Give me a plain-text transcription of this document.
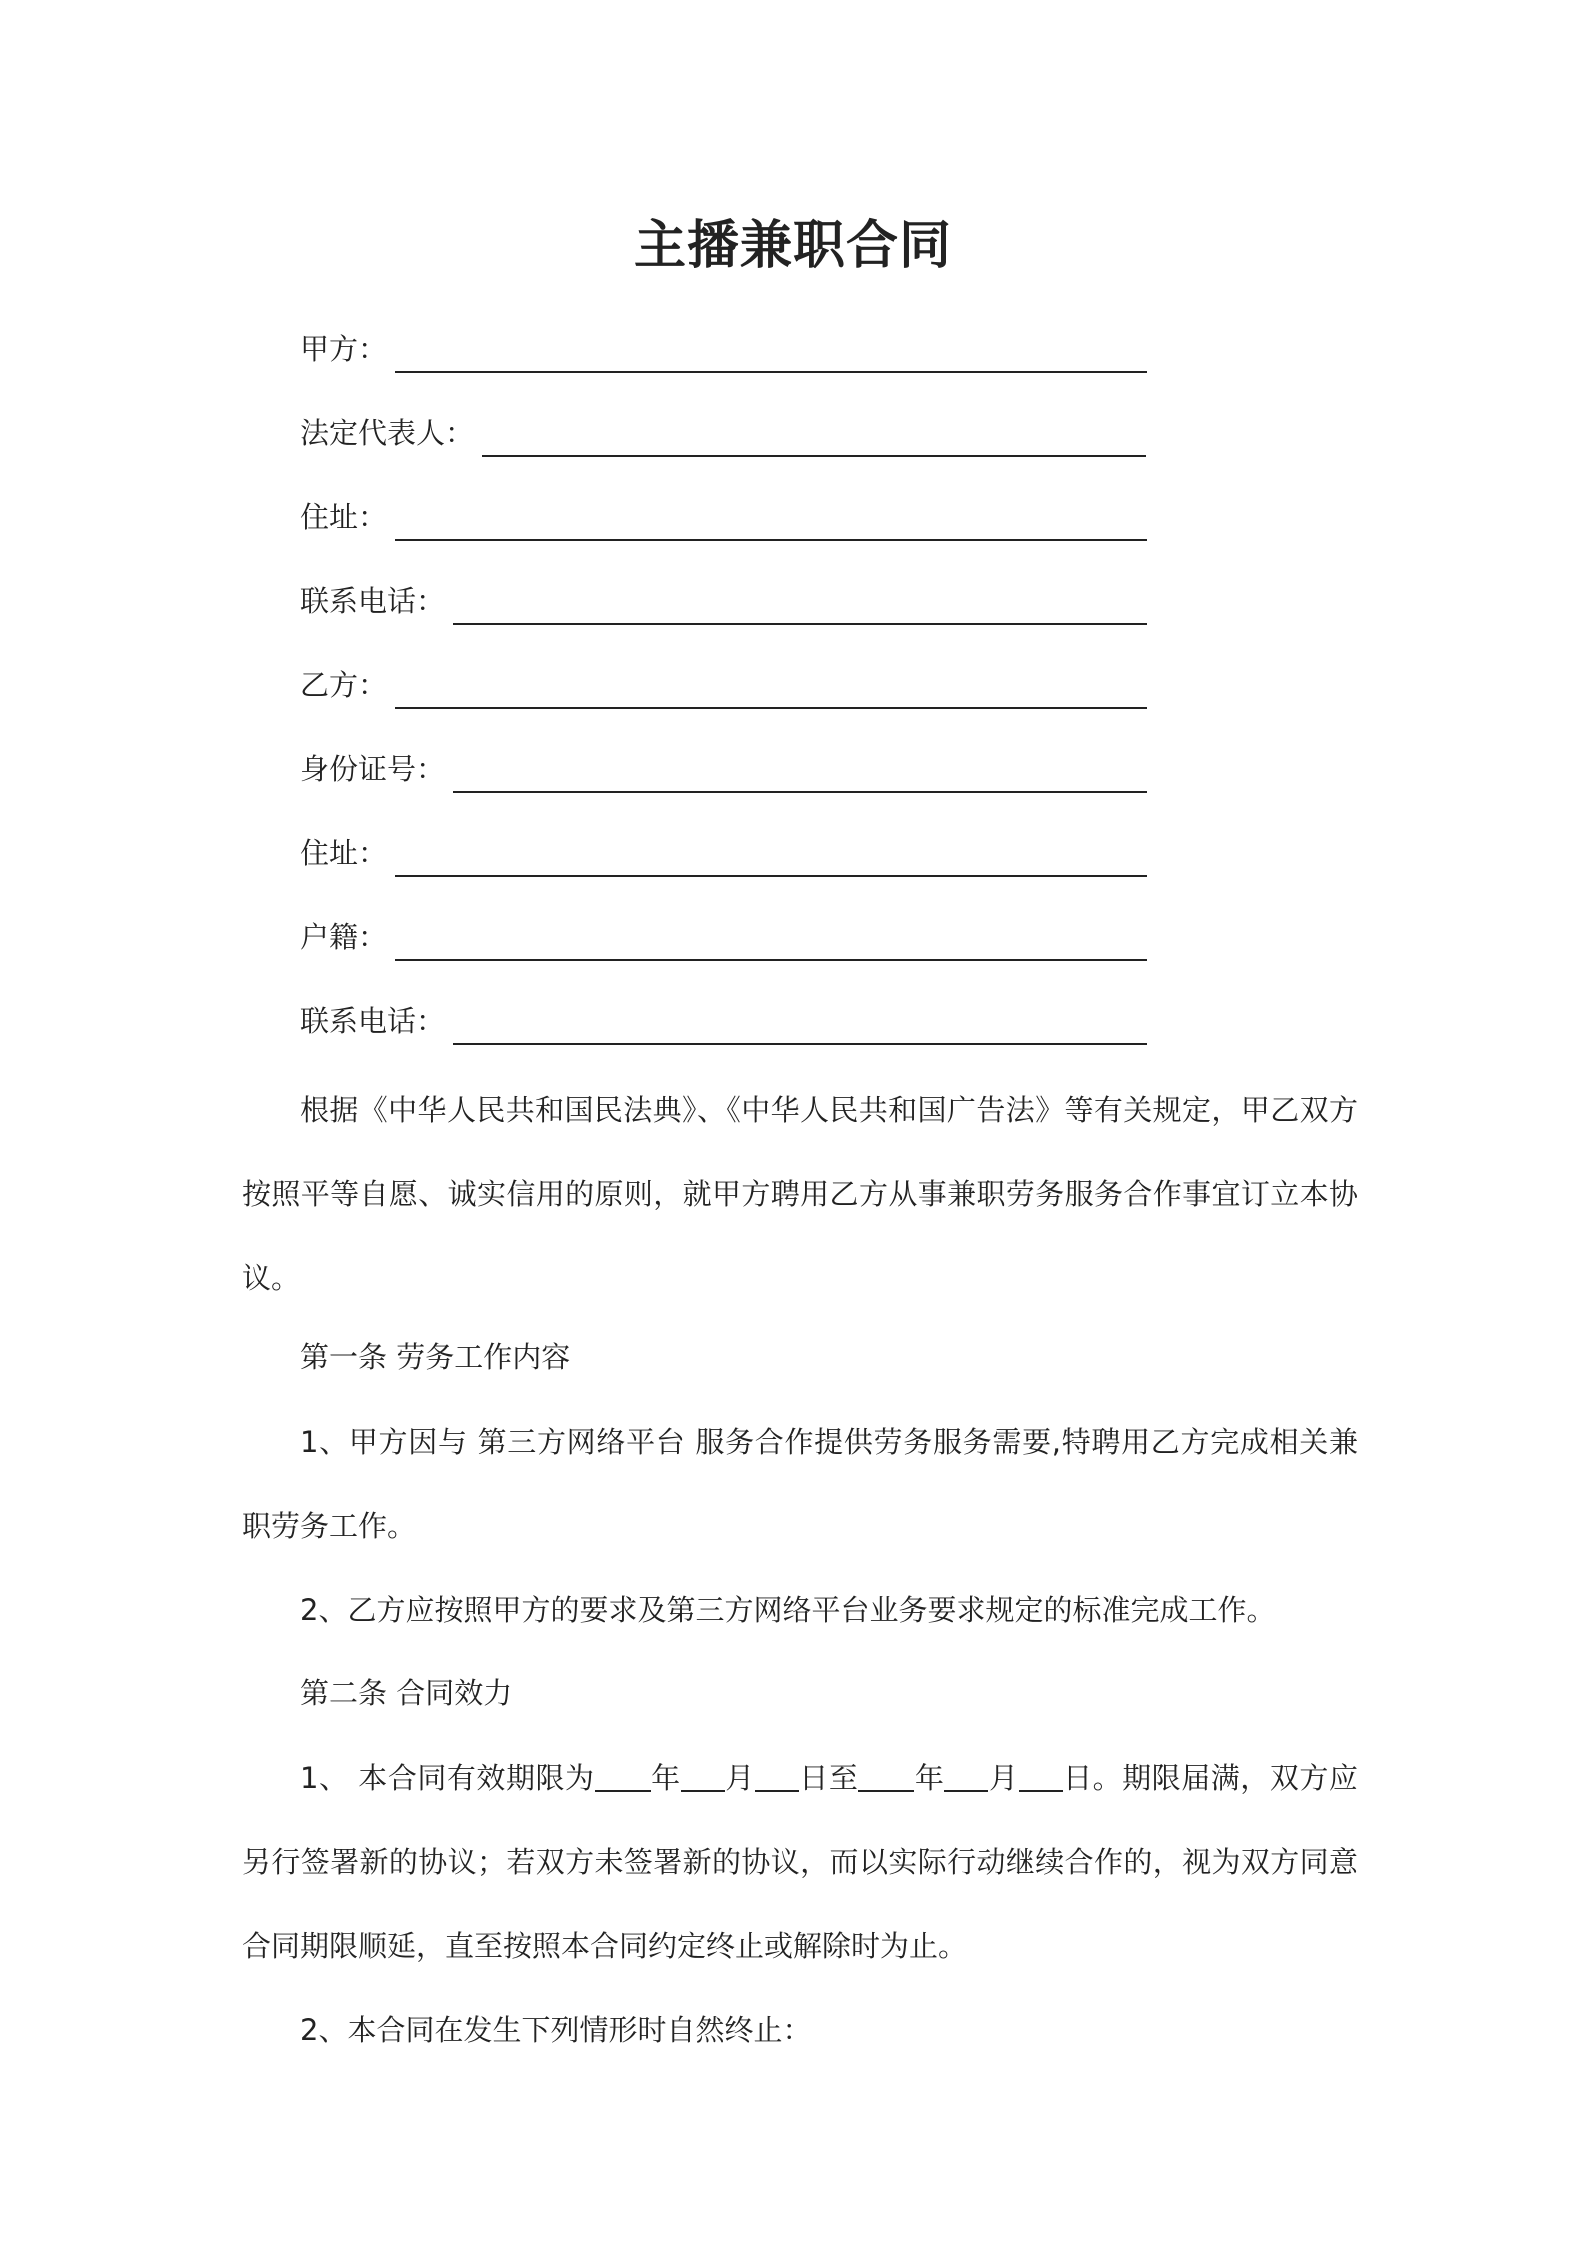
主播兼职合同
甲方：
法定代表人：
住址：
联系电话：
乙方：
身份证号：
住址：
户籍：
联系电话：

根据《中华人民共和国民法典》、《中华人民共和国广告法》等有关规定，甲乙双方按照平等自愿、诚实信用的原则，就甲方聘用乙方从事兼职劳务服务合作事宜订立本协议。

第一条 劳务工作内容

1、甲方因与 第三方网络平台 服务合作提供劳务服务需要,特聘用乙方完成相关兼职劳务工作。

2、乙方应按照甲方的要求及第三方网络平台业务要求规定的标准完成工作。

第二条 合同效力

1、 本合同有效期限为 年 月 日至 年 月 日。期限届满，双方应另行签署新的协议；若双方未签署新的协议，而以实际行动继续合作的，视为双方同意合同期限顺延，直至按照本合同约定终止或解除时为止。

2、本合同在发生下列情形时自然终止：
